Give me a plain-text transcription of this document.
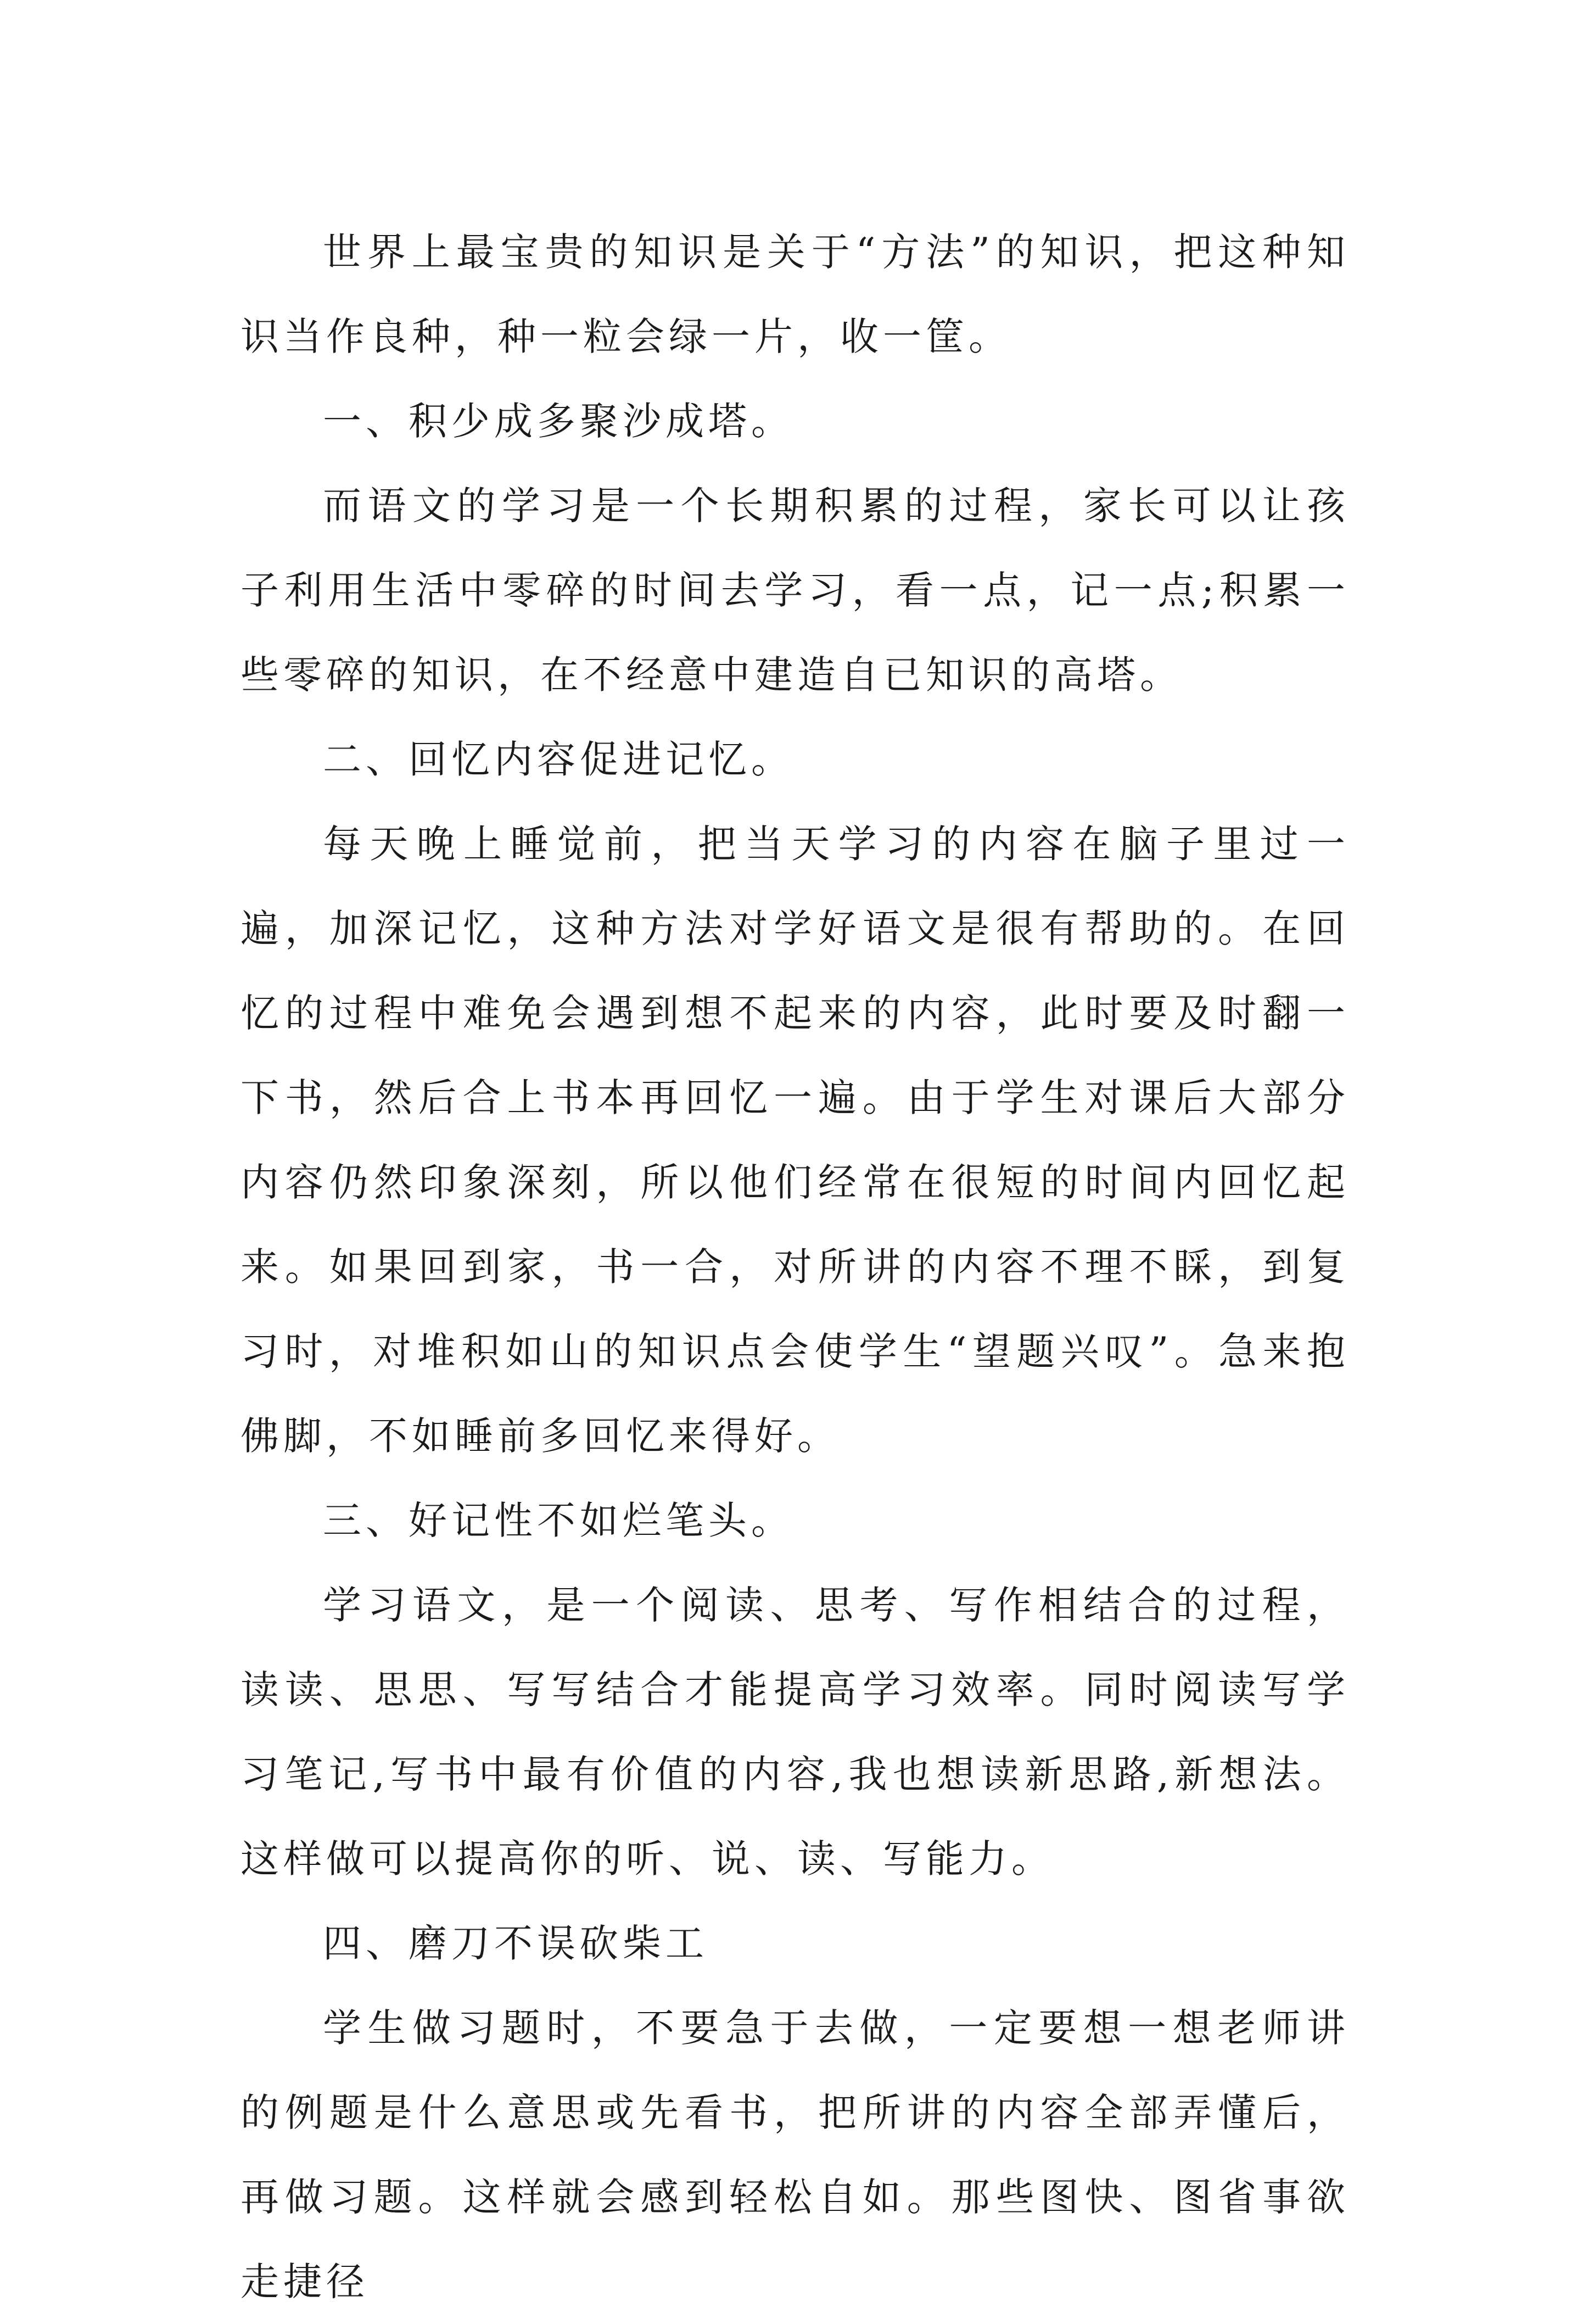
世界上最宝贵的知识是关于“方法”的知识，把这种知识当作良种，种一粒会绿一片，收一筐。

一、积少成多聚沙成塔。

而语文的学习是一个长期积累的过程，家长可以让孩子利用生活中零碎的时间去学习，看一点，记一点;积累一些零碎的知识，在不经意中建造自已知识的高塔。

二、回忆内容促进记忆。

每天晚上睡觉前，把当天学习的内容在脑子里过一遍，加深记忆，这种方法对学好语文是很有帮助的。在回忆的过程中难免会遇到想不起来的内容，此时要及时翻一下书，然后合上书本再回忆一遍。由于学生对课后大部分内容仍然印象深刻，所以他们经常在很短的时间内回忆起来。如果回到家，书一合，对所讲的内容不理不睬，到复习时，对堆积如山的知识点会使学生“望题兴叹”。急来抱佛脚，不如睡前多回忆来得好。

三、好记性不如烂笔头。

学习语文，是一个阅读、思考、写作相结合的过程，读读、思思、写写结合才能提高学习效率。同时阅读写学习笔记,写书中最有价值的内容,我也想读新思路,新想法。这样做可以提高你的听、说、读、写能力。

四、磨刀不误砍柴工

学生做习题时，不要急于去做，一定要想一想老师讲的例题是什么意思或先看书，把所讲的内容全部弄懂后，再做习题。这样就会感到轻松自如。那些图快、图省事欲走捷径
